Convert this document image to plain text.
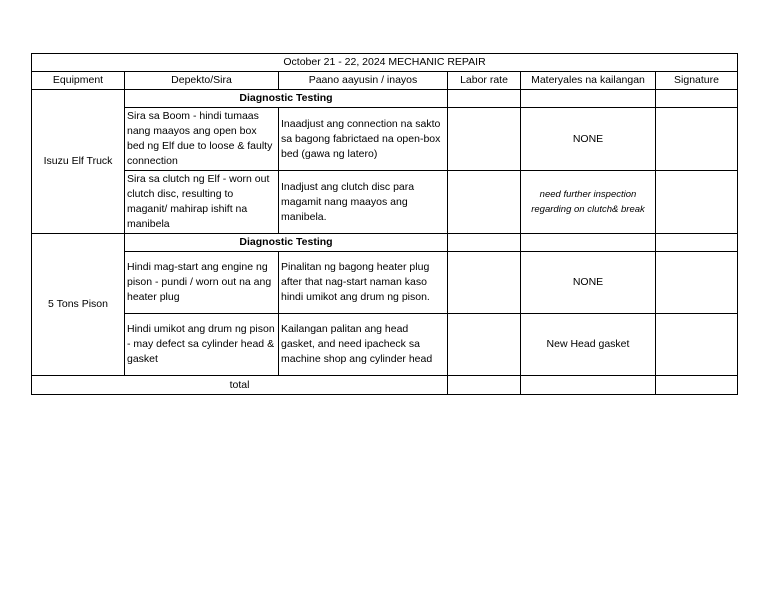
October 21 - 22, 2024 MECHANIC REPAIR					
Equipment	Depekto/Sira	Paano aayusin / inayos	Labor rate	Materyales na kailangan	Signature
Isuzu Elf Truck	Diagnostic Testing				
	Sira sa Boom - hindi tumaas nang maayos ang open box bed ng Elf due to loose & faulty connection	Inaadjust ang connection na sakto sa bagong fabrictaed na open-box bed (gawa ng latero)		NONE	
	Sira sa clutch ng Elf - worn out clutch disc, resulting to maganit/ mahirap ishift na manibela	Inadjust ang clutch disc para magamit nang maayos ang manibela.		need further inspection regarding on clutch& break	
5 Tons Pison	Diagnostic Testing				
	Hindi mag-start ang engine ng pison - pundi / worn out na ang heater plug	Pinalitan ng bagong heater plug after that nag-start naman kaso hindi umikot ang drum ng pison.		NONE	
	Hindi umikot ang drum ng pison - may defect sa cylinder head & gasket	Kailangan palitan ang head gasket, and need ipacheck sa machine shop ang cylinder head		New Head gasket	
total					
